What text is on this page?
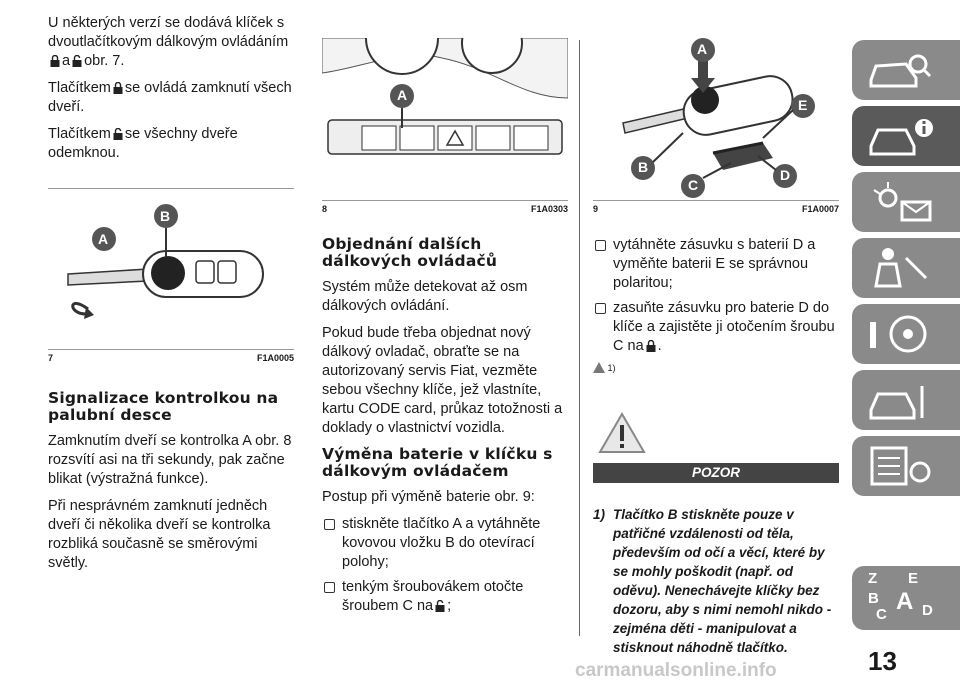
U některých verzí se dodává klíček s dvoutlačítkovým dálkovým ovládáním
a obr. 7.

Tlačítkem se ovládá zamknutí všech dveří.

Tlačítkem se všechny dveře odemknou.

A
B
7	F1A0005
Signalizace kontrolkou na palubní desce

Zamknutím dveří se kontrolka A obr. 8 rozsvítí asi na tři sekundy, pak začne blikat (výstražná funkce).

Při nesprávném zamknutí jedněch dveří či několika dveří se kontrolka rozbliká současně se směrovými světly.

A
8	F1A0303
Objednání dalších dálkových ovládačů

Systém může detekovat až osm dálkových ovládání.

Pokud bude třeba objednat nový dálkový ovladač, obraťte se na autorizovaný servis Fiat, vezměte sebou všechny klíče, jež vlastníte, kartu CODE card, průkaz totožnosti a doklady o vlastnictví vozidla.

Výměna baterie v klíčku s dálkovým ovládačem

Postup při výměně baterie obr. 9:

stiskněte tlačítko A a vytáhněte kovovou vložku B do otevírací polohy;
tenkým šroubovákem otočte šroubem C na ;
A
E
B
C
D
9	F1A0007
vytáhněte zásuvku s baterií D a vyměňte baterii E se správnou polaritou;
zasuňte zásuvku pro baterie D do klíče a zajistěte ji otočením šroubu C na .
1)
POZOR
1) Tlačítko B stiskněte pouze v patřičné vzdálenosti od těla, především od očí a věcí, které by se mohly poškodit (např. od oděvu). Nenechávejte klíčky bez dozoru, aby s nimi nemohl nikdo - zejména děti - manipulovat a stisknout náhodně tlačítko.
Z E
B A
C D
13
carmanualsonline.info
